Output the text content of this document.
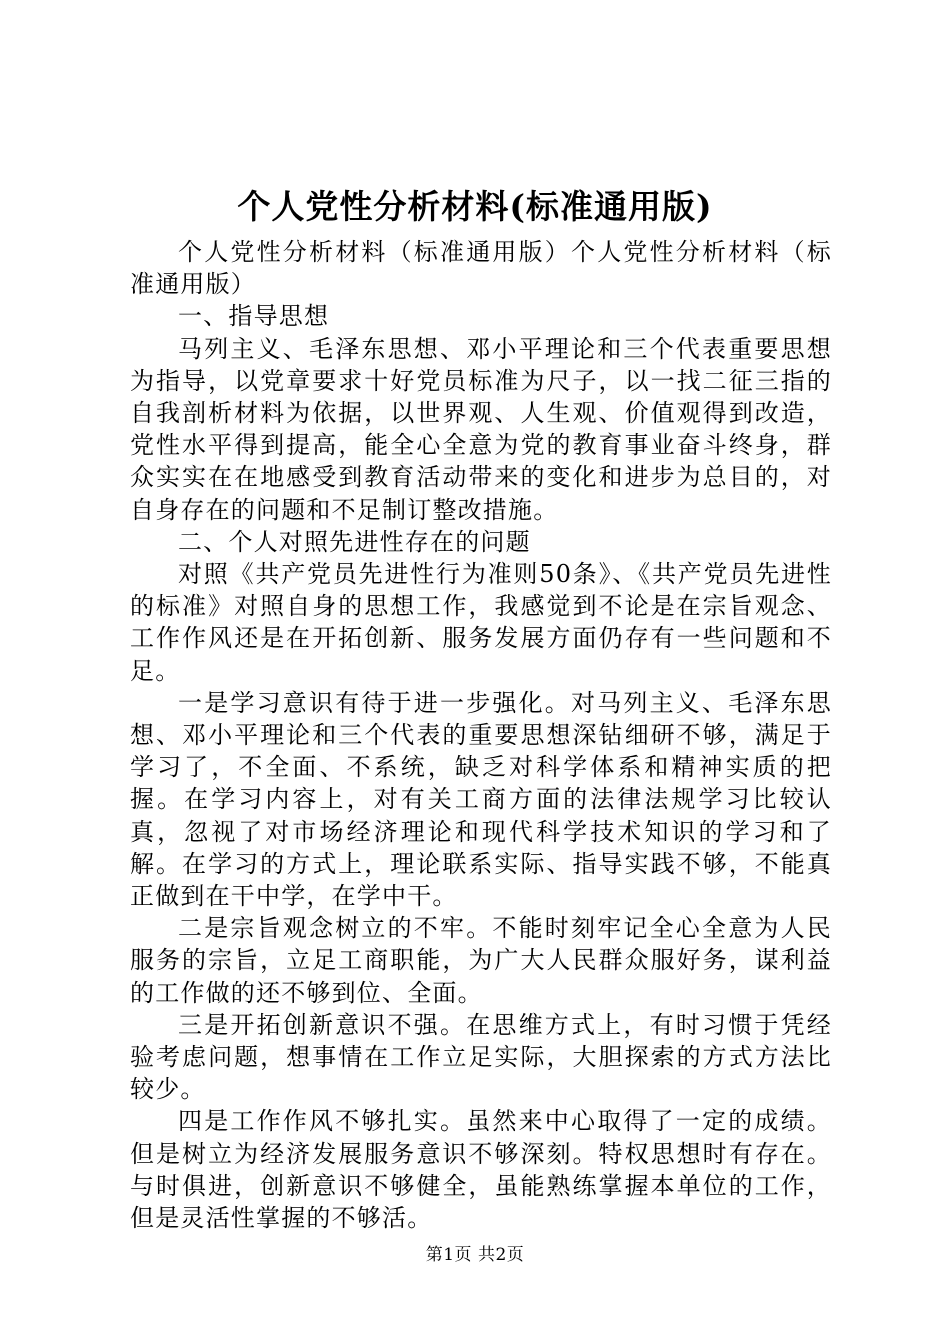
个人党性分析材料(标准通用版)

个人党性分析材料（标准通用版）个人党性分析材料（标准通用版）

一、指导思想

马列主义、毛泽东思想、邓小平理论和三个代表重要思想为指导，以党章要求十好党员标准为尺子，以一找二征三指的自我剖析材料为依据，以世界观、人生观、价值观得到改造，党性水平得到提高，能全心全意为党的教育事业奋斗终身，群众实实在在地感受到教育活动带来的变化和进步为总目的，对自身存在的问题和不足制订整改措施。

二、个人对照先进性存在的问题

对照《共产党员先进性行为准则50条》、《共产党员先进性的标准》对照自身的思想工作，我感觉到不论是在宗旨观念、工作作风还是在开拓创新、服务发展方面仍存有一些问题和不足。

一是学习意识有待于进一步强化。对马列主义、毛泽东思想、邓小平理论和三个代表的重要思想深钻细研不够，满足于学习了，不全面、不系统，缺乏对科学体系和精神实质的把握。在学习内容上，对有关工商方面的法律法规学习比较认真，忽视了对市场经济理论和现代科学技术知识的学习和了解。在学习的方式上，理论联系实际、指导实践不够，不能真正做到在干中学，在学中干。

二是宗旨观念树立的不牢。不能时刻牢记全心全意为人民服务的宗旨，立足工商职能，为广大人民群众服好务，谋利益的工作做的还不够到位、全面。

三是开拓创新意识不强。在思维方式上，有时习惯于凭经验考虑问题，想事情在工作立足实际，大胆探索的方式方法比较少。

四是工作作风不够扎实。虽然来中心取得了一定的成绩。但是树立为经济发展服务意识不够深刻。特权思想时有存在。与时俱进，创新意识不够健全，虽能熟练掌握本单位的工作，但是灵活性掌握的不够活。

第1页 共2页
